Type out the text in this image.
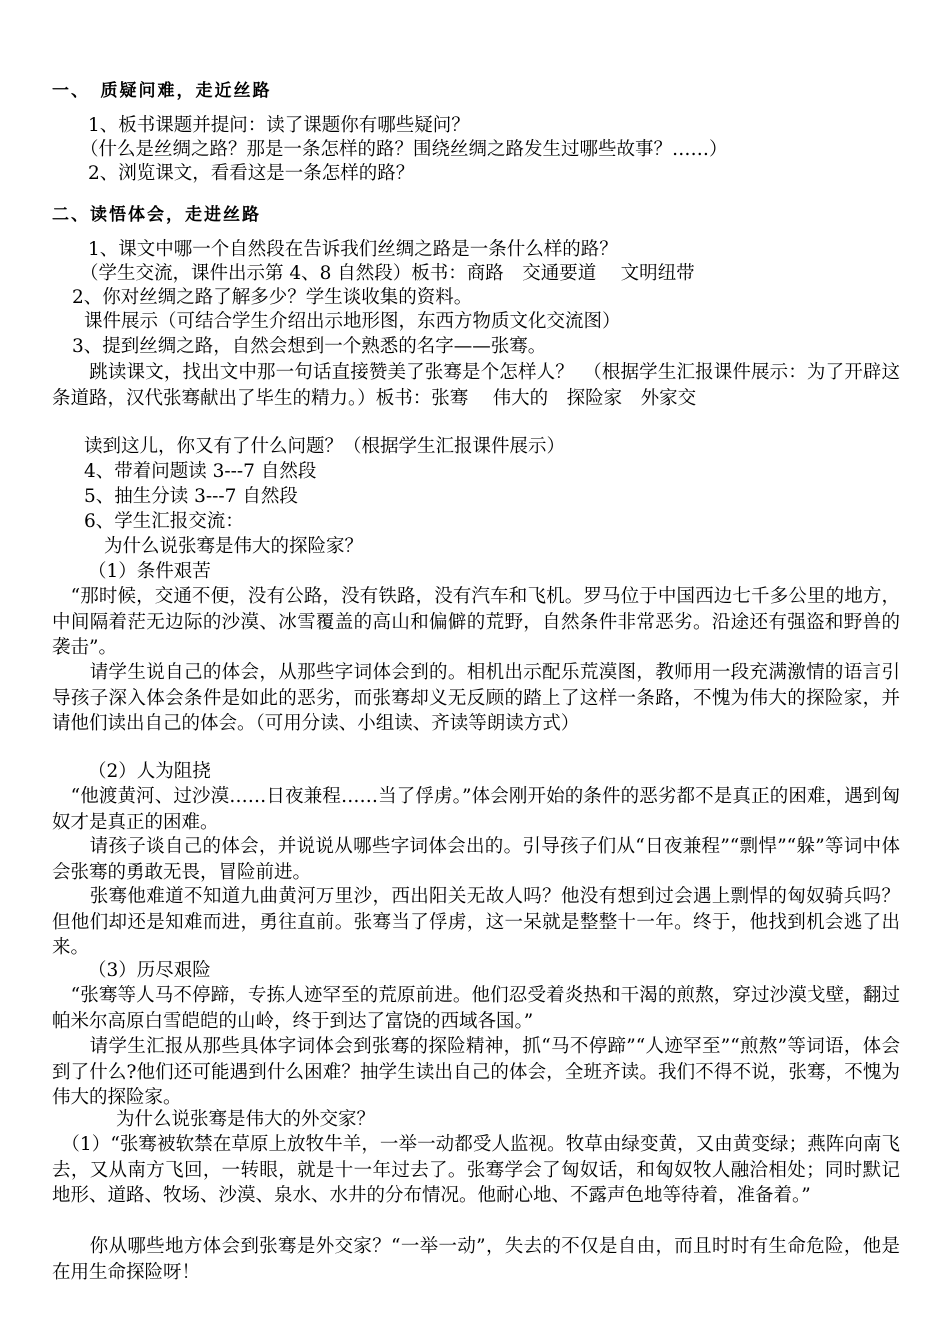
一、　质疑问难，走近丝路
1、板书课题并提问：读了课题你有哪些疑问？
（什么是丝绸之路？那是一条怎样的路？围绕丝绸之路发生过哪些故事？……）
2、浏览课文，看看这是一条怎样的路？
二、读悟体会，走进丝路
1、课文中哪一个自然段在告诉我们丝绸之路是一条什么样的路？
（学生交流，课件出示第 4、8 自然段）板书：商路　交通要道　 文明纽带
2、你对丝绸之路了解多少？学生谈收集的资料。
课件展示（可结合学生介绍出示地形图，东西方物质文化交流图）
3、提到丝绸之路，自然会想到一个熟悉的名字——张骞。
　　跳读课文，找出文中那一句话直接赞美了张骞是个怎样人？　（根据学生汇报课件展示：为了开辟这条道路，汉代张骞献出了毕生的精力。）板书：张骞　 伟大的　探险家　外家交
读到这儿，你又有了什么问题？（根据学生汇报课件展示）
4、带着问题读 3---7 自然段
5、抽生分读 3---7 自然段
6、学生汇报交流：
为什么说张骞是伟大的探险家？
（1）条件艰苦
　“那时候，交通不便，没有公路，没有铁路，没有汽车和飞机。罗马位于中国西边七千多公里的地方，中间隔着茫无边际的沙漠、冰雪覆盖的高山和偏僻的荒野，自然条件非常恶劣。沿途还有强盗和野兽的袭击”。
　　请学生说自己的体会，从那些字词体会到的。相机出示配乐荒漠图，教师用一段充满激情的语言引导孩子深入体会条件是如此的恶劣，而张骞却义无反顾的踏上了这样一条路，不愧为伟大的探险家，并请他们读出自己的体会。（可用分读、小组读、齐读等朗读方式）
（2）人为阻挠
　“他渡黄河、过沙漠……日夜兼程……当了俘虏。”体会刚开始的条件的恶劣都不是真正的困难，遇到匈奴才是真正的困难。
　　请孩子谈自己的体会，并说说从哪些字词体会出的。引导孩子们从“日夜兼程”“剽悍”“躲”等词中体会张骞的勇敢无畏，冒险前进。
　　张骞他难道不知道九曲黄河万里沙，西出阳关无故人吗？他没有想到过会遇上剽悍的匈奴骑兵吗？但他们却还是知难而进，勇往直前。张骞当了俘虏，这一呆就是整整十一年。终于，他找到机会逃了出来。
（3）历尽艰险
　“张骞等人马不停蹄，专拣人迹罕至的荒原前进。他们忍受着炎热和干渴的煎熬，穿过沙漠戈壁，翻过帕米尔高原白雪皑皑的山岭，终于到达了富饶的西域各国。”
　　请学生汇报从那些具体字词体会到张骞的探险精神，抓“马不停蹄”“人迹罕至”“煎熬”等词语，体会到了什么?他们还可能遇到什么困难？抽学生读出自己的体会，全班齐读。我们不得不说，张骞，不愧为伟大的探险家。
为什么说张骞是伟大的外交家？
　（1）“张骞被软禁在草原上放牧牛羊，一举一动都受人监视。牧草由绿变黄，又由黄变绿；燕阵向南飞去，又从南方飞回，一转眼，就是十一年过去了。张骞学会了匈奴话，和匈奴牧人融洽相处；同时默记地形、道路、牧场、沙漠、泉水、水井的分布情况。他耐心地、不露声色地等待着，准备着。”
　　你从哪些地方体会到张骞是外交家？“一举一动”，失去的不仅是自由，而且时时有生命危险，他是在用生命探险呀！
